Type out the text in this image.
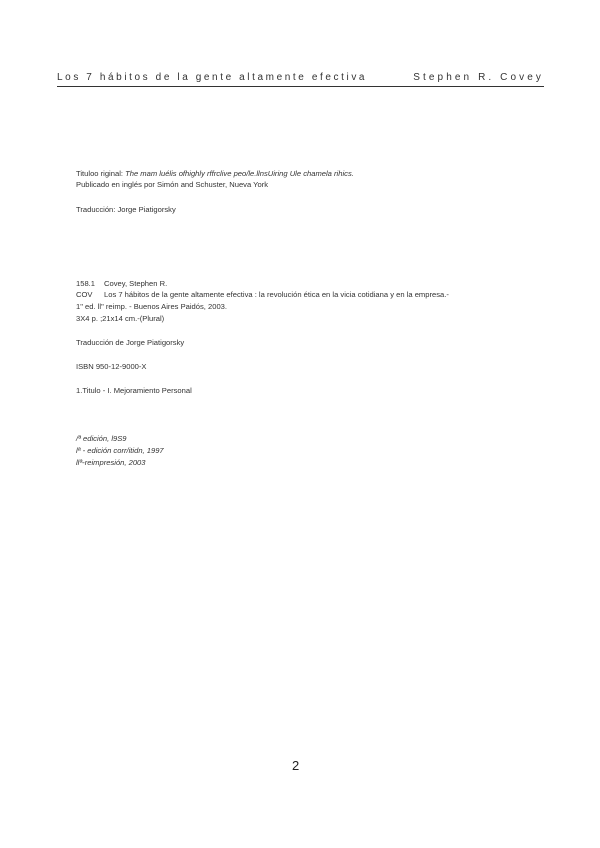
Los 7 hábitos de la gente altamente efectiva	Stephen R. Covey
Tituloo riginal: The mam luélis ofhighly rffrclive peo/le.llnsUiring Ule chamela rihics.
Publicado en inglés por Simón and Schuster, Nueva York
Traducción: Jorge Piatigorsky
158.1 Covey, Stephen R.
COV Los 7 hábitos de la gente altamente efectiva : la revolución ética en la vicia cotidiana y en la empresa.-
1" ed. ll" reimp. - Buenos Aires Paidós, 2003.
3X4 p. ;21x14 cm.-(Plural)
Traducción de Jorge Piatigorsky
ISBN 950-12-9000-X
1.Titulo - I. Mejoramiento Personal
/ª edición, l9S9
lª - edición corr/itidn, 1997
llª-reimpresión, 2003
2
